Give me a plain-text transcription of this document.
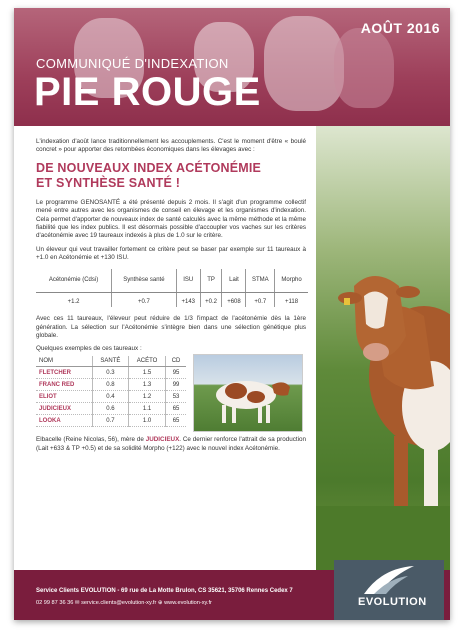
AOÛT 2016
COMMUNIQUÉ D'INDEXATION
PIE ROUGE

L'indexation d'août lance traditionnellement les accouplements. C'est le moment d'être « boulé concret » pour apporter des retombées économiques dans les élevages avec :

DE NOUVEAUX INDEX ACÉTONÉMIE
ET SYNTHÈSE SANTÉ !

Le programme GENOSANTÉ a été présenté depuis 2 mois. Il s'agit d'un programme collectif mené entre autres avec les organismes de conseil en élevage et les organismes d'indexation. Cela permet d'apporter de nouveaux index de santé calculés avec la même méthode et la même fiabilité que les index publics. Il est désormais possible d'accoupler vos vaches sur les critères d'acétonémie avec 19 taureaux indexés à plus de 1.0 sur le critère.

Un éleveur qui veut travailler fortement ce critère peut se baser par exemple sur 11 taureaux à +1.0 en Acétonémie et +130 ISU.

Acétonémie (Cdsi)	Synthèse santé	ISU	TP	Lait	STMA	Morpho
+1.2	+0.7	+143	+0.2	+608	+0.7	+118

Avec ces 11 taureaux, l'éleveur peut réduire de 1/3 l'impact de l'acétonémie dès la 1ère génération. La sélection sur l'Acétonémie s'intègre bien dans une sélection génétique plus globale.

Quelques exemples de ces taureaux :

NOM	SANTÉ	ACÉTO	CD
FLETCHER	0.3	1.5	95
FRANC RED	0.8	1.3	99
ELIOT	0.4	1.2	53
JUDICIEUX	0.6	1.1	65
LOOKA	0.7	1.0	65

Elbacelle (Reine Nicolas, 56), mère de JUDICIEUX. Ce dernier renforce l'attrait de sa production (Lait +633 & TP +0.5) et de sa solidité Morpho (+122) avec le nouvel index Acétonémie.

Service Clients EVOLUTION - 69 rue de La Motte Brulon, CS 35621, 35706 Rennes Cedex 7
02 99 87 36 36 ✉ service.clients@evolution-xy.fr ⊕ www.evolution-xy.fr	EVOLUTION
